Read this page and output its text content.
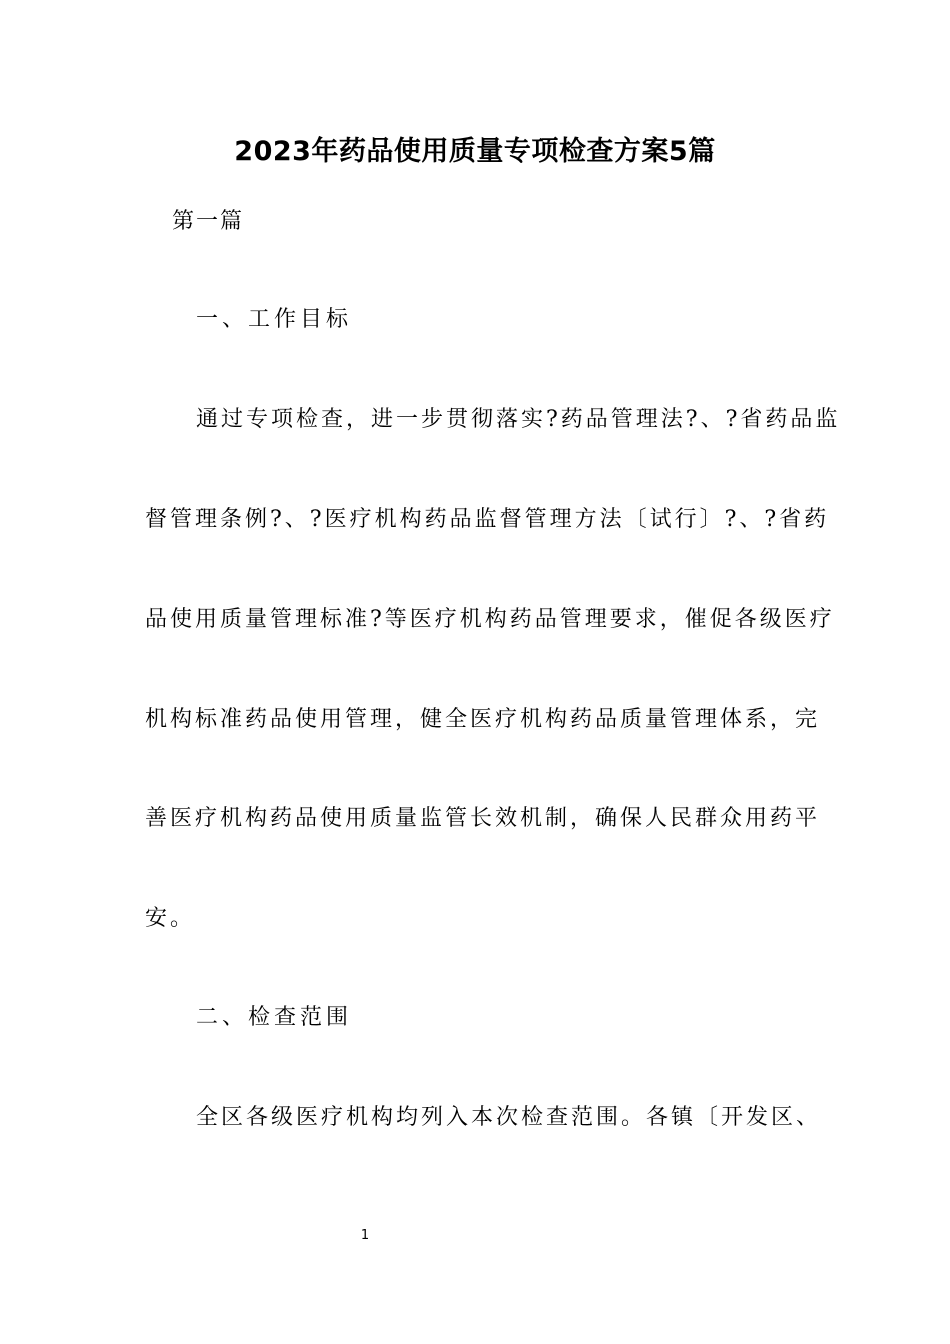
2023年药品使用质量专项检查方案5篇
第一篇
一、工作目标
通过专项检查，进一步贯彻落实?药品管理法?、?省药品监
督管理条例?、?医疗机构药品监督管理方法〔试行〕?、?省药
品使用质量管理标准?等医疗机构药品管理要求，催促各级医疗
机构标准药品使用管理，健全医疗机构药品质量管理体系，完
善医疗机构药品使用质量监管长效机制，确保人民群众用药平
安。
二、检查范围
全区各级医疗机构均列入本次检查范围。各镇〔开发区、
1
